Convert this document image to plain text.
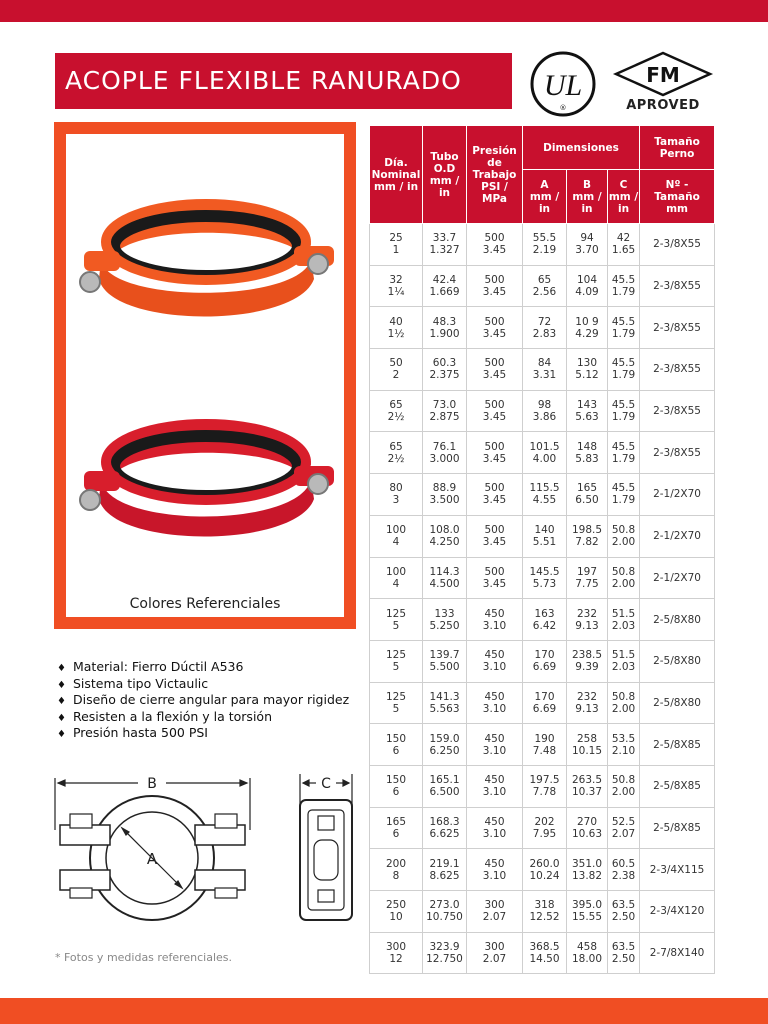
ACOPLE FLEXIBLE RANURADO	UL
®
FM
APROVED
Colores Referenciales
♦ Material: Fierro Dúctil A536
♦ Sistema tipo Victaulic
♦ Diseño de cierre angular para mayor rigidez
♦ Resisten a la flexión y la torsión
♦ Presión hasta 500 PSI
B
A
C
* Fotos y medidas referenciales.
Día.
Nominal
mm / in	Tubo
O.D
mm /
in	Presión
de
Trabajo
PSI /
MPa	Dimensiones			Tamaño
Perno

			A
mm /
in	B
mm /
in	C
mm /
in	Nº -
Tamaño
mm

25
1	33.7
1.327	500
3.45	55.5
2.19	94
3.70	42
1.65	2-3/8X55

32
1¼	42.4
1.669	500
3.45	65
2.56	104
4.09	45.5
1.79	2-3/8X55

40
1½	48.3
1.900	500
3.45	72
2.83	10 9
4.29	45.5
1.79	2-3/8X55

50
2	60.3
2.375	500
3.45	84
3.31	130
5.12	45.5
1.79	2-3/8X55

65
2½	73.0
2.875	500
3.45	98
3.86	143
5.63	45.5
1.79	2-3/8X55

65
2½	76.1
3.000	500
3.45	101.5
4.00	148
5.83	45.5
1.79	2-3/8X55

80
3	88.9
3.500	500
3.45	115.5
4.55	165
6.50	45.5
1.79	2-1/2X70

100
4	108.0
4.250	500
3.45	140
5.51	198.5
7.82	50.8
2.00	2-1/2X70

100
4	114.3
4.500	500
3.45	145.5
5.73	197
7.75	50.8
2.00	2-1/2X70

125
5	133
5.250	450
3.10	163
6.42	232
9.13	51.5
2.03	2-5/8X80

125
5	139.7
5.500	450
3.10	170
6.69	238.5
9.39	51.5
2.03	2-5/8X80

125
5	141.3
5.563	450
3.10	170
6.69	232
9.13	50.8
2.00	2-5/8X80

150
6	159.0
6.250	450
3.10	190
7.48	258
10.15	53.5
2.10	2-5/8X85

150
6	165.1
6.500	450
3.10	197.5
7.78	263.5
10.37	50.8
2.00	2-5/8X85

165
6	168.3
6.625	450
3.10	202
7.95	270
10.63	52.5
2.07	2-5/8X85

200
8	219.1
8.625	450
3.10	260.0
10.24	351.0
13.82	60.5
2.38	2-3/4X115

250
10	273.0
10.750	300
2.07	318
12.52	395.0
15.55	63.5
2.50	2-3/4X120

300
12	323.9
12.750	300
2.07	368.5
14.50	458
18.00	63.5
2.50	2-7/8X140
